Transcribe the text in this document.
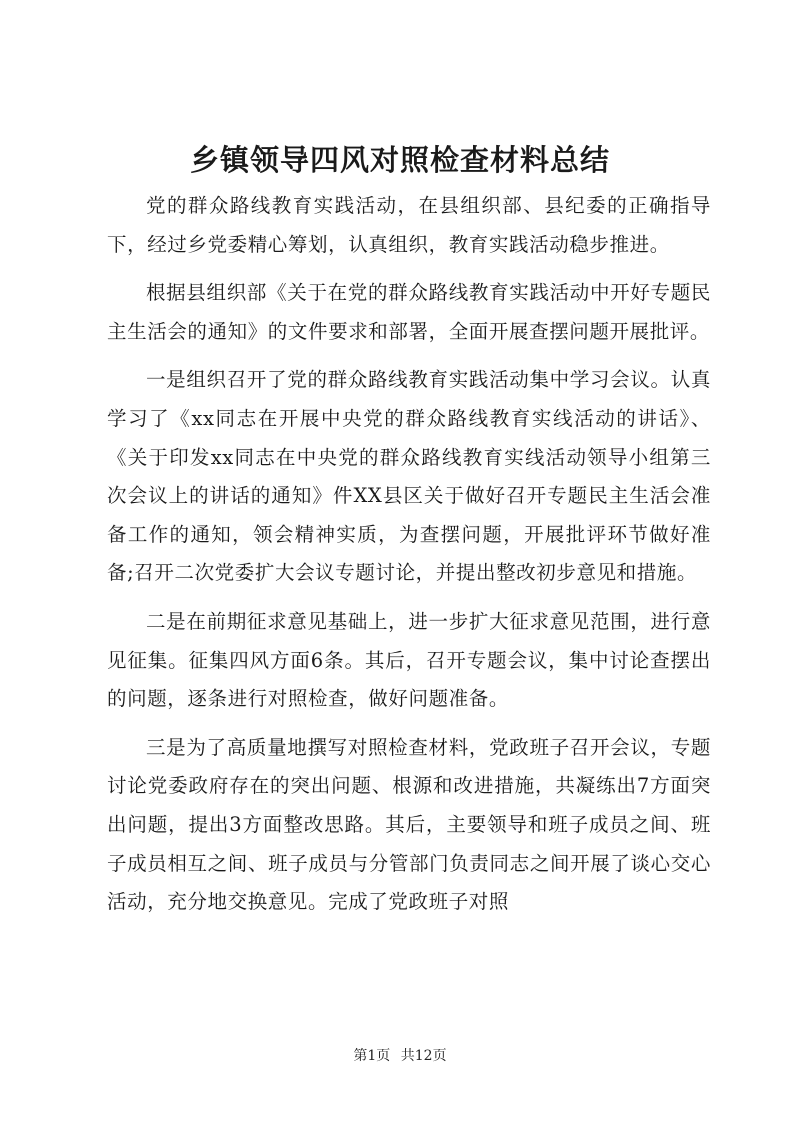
乡镇领导四风对照检查材料总结

党的群众路线教育实践活动，在县组织部、县纪委的正确指导下，经过乡党委精心筹划，认真组织，教育实践活动稳步推进。

根据县组织部《关于在党的群众路线教育实践活动中开好专题民主生活会的通知》的文件要求和部署，全面开展查摆问题开展批评。

一是组织召开了党的群众路线教育实践活动集中学习会议。认真学习了《xx同志在开展中央党的群众路线教育实线活动的讲话》、《关于印发xx同志在中央党的群众路线教育实线活动领导小组第三次会议上的讲话的通知》件XX县区关于做好召开专题民主生活会准备工作的通知，领会精神实质，为查摆问题，开展批评环节做好准备;召开二次党委扩大会议专题讨论，并提出整改初步意见和措施。

二是在前期征求意见基础上，进一步扩大征求意见范围，进行意见征集。征集四风方面6条。其后，召开专题会议，集中讨论查摆出的问题，逐条进行对照检查，做好问题准备。

三是为了高质量地撰写对照检查材料，党政班子召开会议，专题讨论党委政府存在的突出问题、根源和改进措施，共凝练出7方面突出问题，提出3方面整改思路。其后，主要领导和班子成员之间、班子成员相互之间、班子成员与分管部门负责同志之间开展了谈心交心活动，充分地交换意见。完成了党政班子对照

第1页 共12页
